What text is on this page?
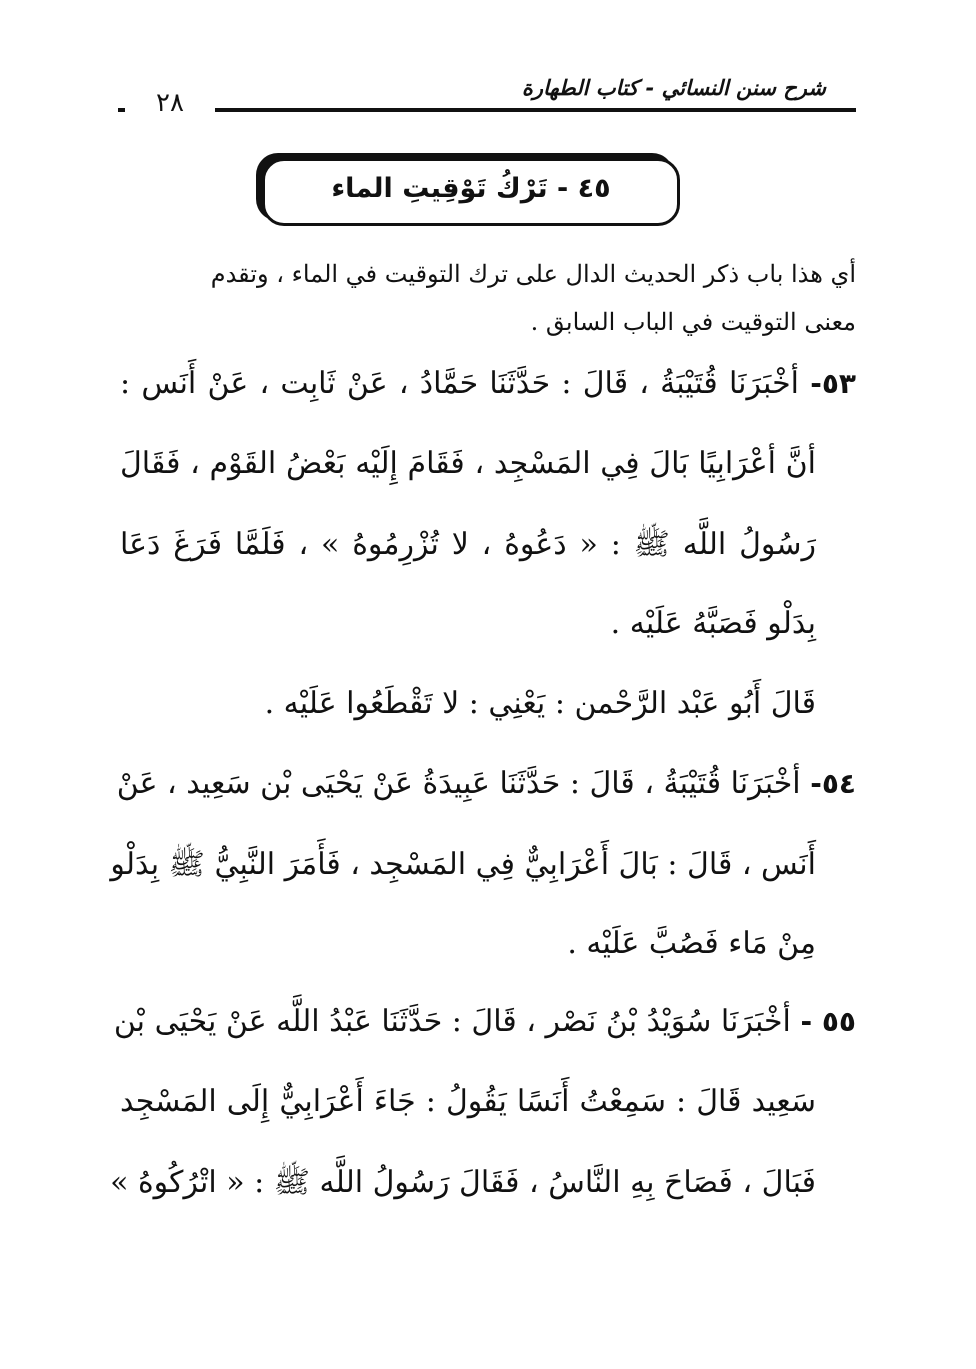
شرح سنن النسائي - كتاب الطهارة
٢٨
٤٥ - تَرْكُ تَوْقِيتِ الماء

أي هذا باب ذكر الحديث الدال على ترك التوقيت في الماء ، وتقدم

معنى التوقيت في الباب السابق .

٥٣- أخْبَرَنَا قُتَيْبَةُ ، قَالَ : حَدَّثَنَا حَمَّادُ ، عَنْ ثَابِت ، عَنْ أَنَس :
أنَّ أعْرَابِيًا بَالَ فِي المَسْجِد ، فَقَامَ إِلَيْه بَعْضُ القَوْم ، فَقَالَ
رَسُولُ اللَّه ﷺ : « دَعُوهُ ، لا تُزْرِمُوهُ » ، فَلَمَّا فَرَغَ دَعَا
بِدَلْو فَصَبَّهُ عَلَيْه .
قَالَ أَبُو عَبْد الرَّحْمن : يَعْنِي : لا تَقْطَعُوا عَلَيْه .
٥٤- أخْبَرَنَا قُتَيْبَةُ ، قَالَ : حَدَّثَنَا عَبِيدَةُ عَنْ يَحْيَى بْن سَعِيد ، عَنْ
أَنَس ، قَالَ : بَالَ أَعْرَابِيٌّ فِي المَسْجِد ، فَأَمَرَ النَّبِيُّ ﷺ بِدَلْو
مِنْ مَاء فَصُبَّ عَلَيْه .
٥٥ - أخْبَرَنَا سُوَيْدُ بْنُ نَصْر ، قَالَ : حَدَّثَنَا عَبْدُ اللَّه عَنْ يَحْيَى بْن
سَعِيد قَالَ : سَمِعْتُ أَنَسًا يَقُولُ : جَاءَ أَعْرَابِيٌّ إِلَى المَسْجِد
فَبَالَ ، فَصَاحَ بِهِ النَّاسُ ، فَقَالَ رَسُولُ اللَّه ﷺ : « اتْرُكُوهُ »
